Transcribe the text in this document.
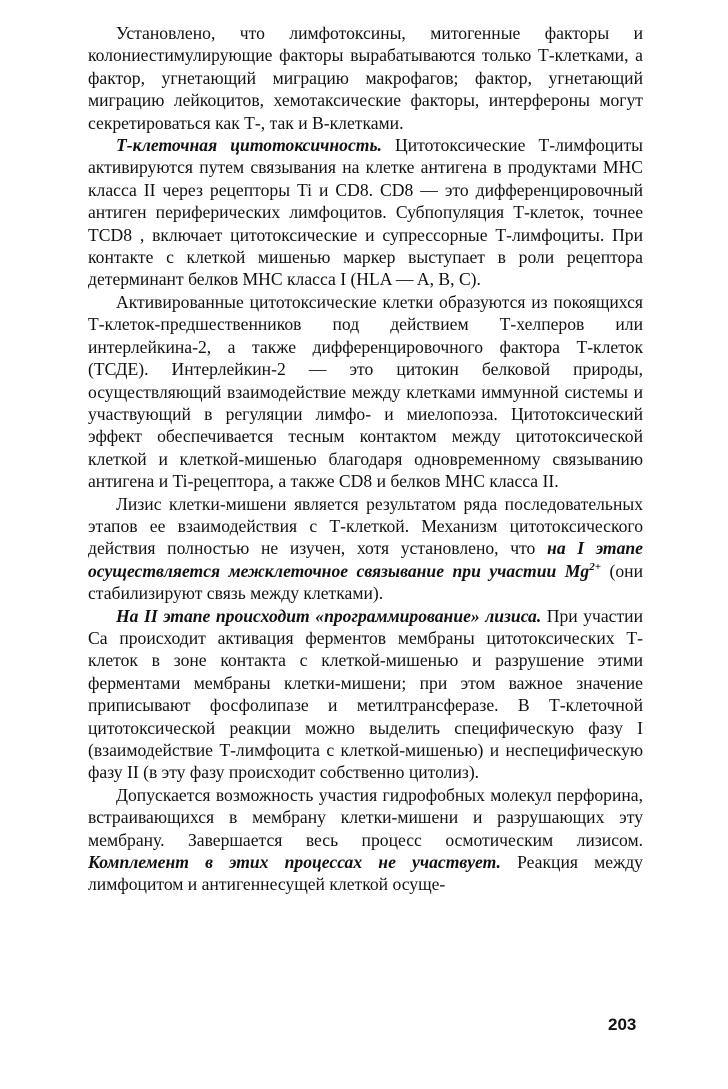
Установлено, что лимфотоксины, митогенные факторы и колониестимулирующие факторы вырабатываются только Т-клетками, а фактор, угнетающий миграцию макрофагов; фактор, угнетающий миграцию лейкоцитов, хемотаксические факторы, интерфероны могут секретироваться как Т-, так и В-клетками.

Т-клеточная цитотоксичность. Цитотоксические Т-лимфоциты активируются путем связывания на клетке антигена в продуктами МНС класса II через рецепторы Ti и CD8. CD8 — это дифференцировочный антиген периферических лимфоцитов. Субпопуляция Т-клеток, точнее TCD8 , включает цитотоксические и супрессорные Т-лимфоциты. При контакте с клеткой мишенью маркер выступает в роли рецептора детерминант белков МНС класса I (HLA — A, B, C).

Активированные цитотоксические клетки образуются из покоящихся Т-клеток-предшественников под действием Т-хелперов или интерлейкина-2, а также дифференцировочного фактора Т-клеток (ТСДЕ). Интерлейкин-2 — это цитокин белковой природы, осуществляющий взаимодействие между клетками иммунной системы и участвующий в регуляции лимфо- и миелопоэза. Цитотоксический эффект обеспечивается тесным контактом между цитотоксической клеткой и клеткой-мишенью благодаря одновременному связыванию антигена и Ti-рецептора, а также CD8 и белков МНС класса II.

Лизис клетки-мишени является результатом ряда последовательных этапов ее взаимодействия с Т-клеткой. Механизм цитотоксического действия полностью не изучен, хотя установлено, что на I этапе осуществляется межклеточное связывание при участии $Mg^{2+}$ (они стабилизируют связь между клетками).

На II этапе происходит «программирование» лизиса. При участии Са происходит активация ферментов мембраны цитотоксических Т-клеток в зоне контакта с клеткой-мишенью и разрушение этими ферментами мембраны клетки-мишени; при этом важное значение приписывают фосфолипазе и метилтрансферазе. В Т-клеточной цитотоксической реакции можно выделить специфическую фазу I (взаимодействие Т-лимфоцита с клеткой-мишенью) и неспецифическую фазу II (в эту фазу происходит собственно цитолиз).

Допускается возможность участия гидрофобных молекул перфорина, встраивающихся в мембрану клетки-мишени и разрушающих эту мембрану. Завершается весь процесс осмотическим лизисом. Комплемент в этих процессах не участвует. Реакция между лимфоцитом и антигеннесущей клеткой осуще-

203
